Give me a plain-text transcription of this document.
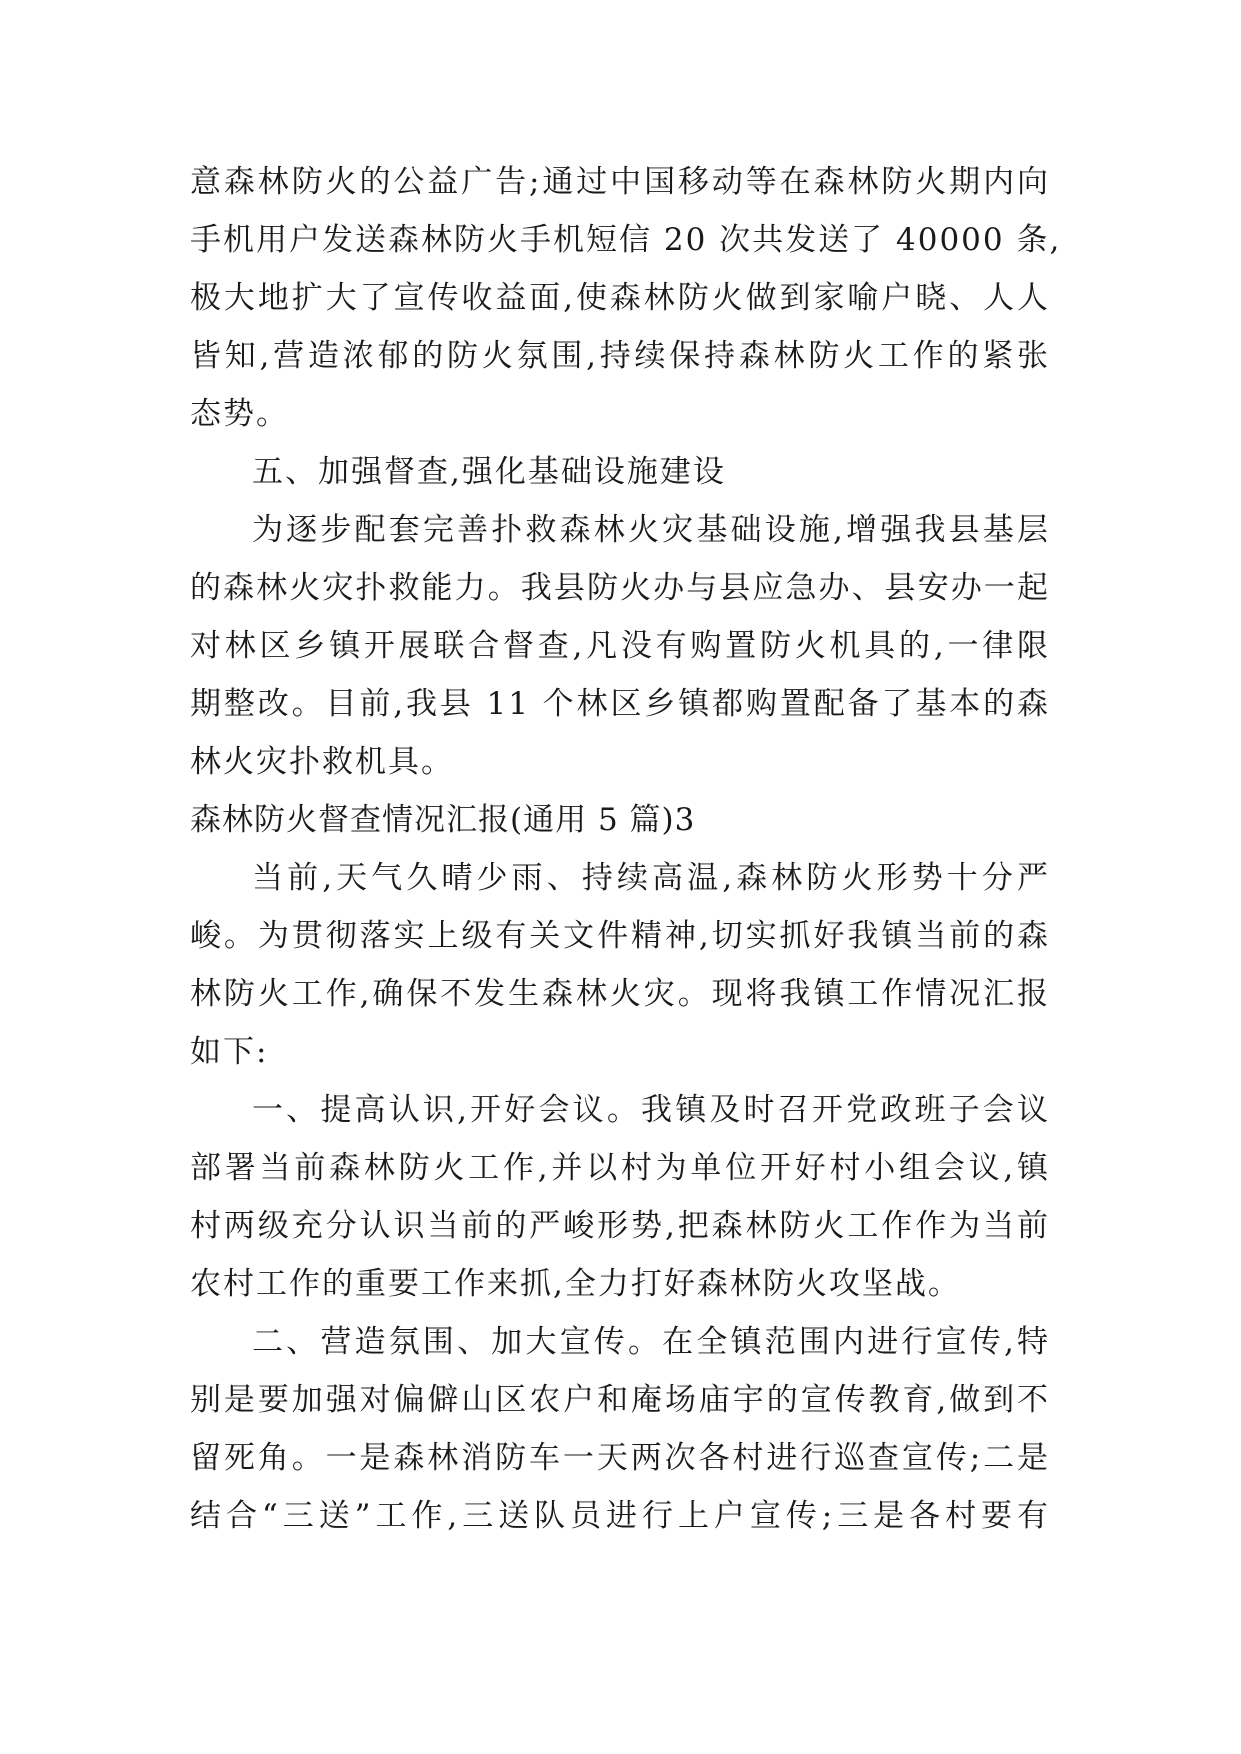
意森林防火的公益广告;通过中国移动等在森林防火期内向
手机用户发送森林防火手机短信 20 次共发送了 40000 条,
极大地扩大了宣传收益面,使森林防火做到家喻户晓、人人
皆知,营造浓郁的防火氛围,持续保持森林防火工作的紧张
态势。
五、加强督查,强化基础设施建设
为逐步配套完善扑救森林火灾基础设施,增强我县基层
的森林火灾扑救能力。我县防火办与县应急办、县安办一起
对林区乡镇开展联合督查,凡没有购置防火机具的,一律限
期整改。目前,我县 11 个林区乡镇都购置配备了基本的森
林火灾扑救机具。
森林防火督查情况汇报(通用 5 篇)3
当前,天气久晴少雨、持续高温,森林防火形势十分严
峻。为贯彻落实上级有关文件精神,切实抓好我镇当前的森
林防火工作,确保不发生森林火灾。现将我镇工作情况汇报
如下:
一、提高认识,开好会议。我镇及时召开党政班子会议
部署当前森林防火工作,并以村为单位开好村小组会议,镇
村两级充分认识当前的严峻形势,把森林防火工作作为当前
农村工作的重要工作来抓,全力打好森林防火攻坚战。
二、营造氛围、加大宣传。在全镇范围内进行宣传,特
别是要加强对偏僻山区农户和庵场庙宇的宣传教育,做到不
留死角。一是森林消防车一天两次各村进行巡查宣传;二是
结合“三送”工作,三送队员进行上户宣传;三是各村要有
